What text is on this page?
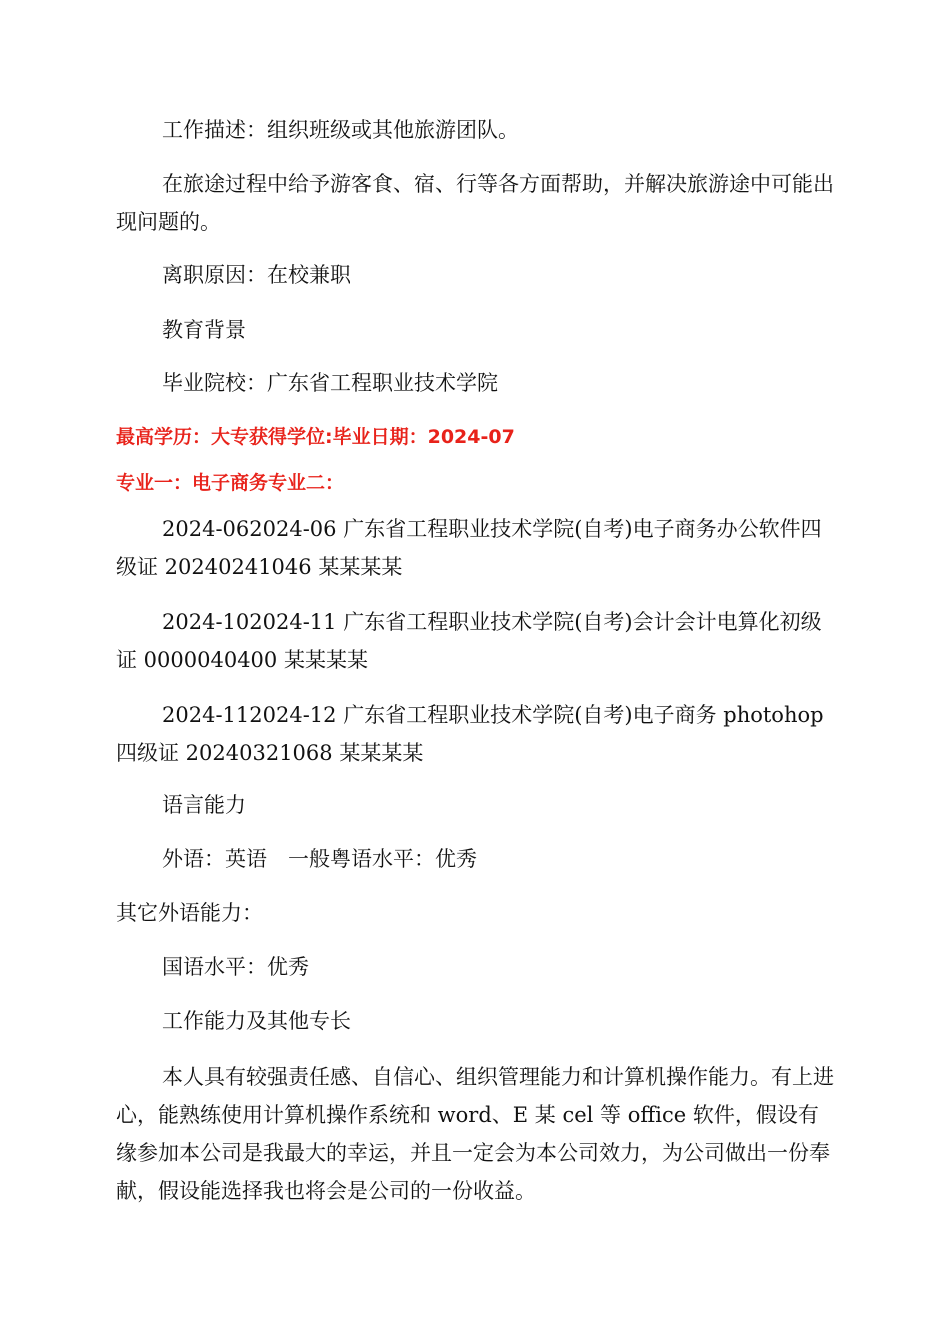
工作描述：组织班级或其他旅游团队。
在旅途过程中给予游客食、宿、行等各方面帮助，并解决旅游途中可能出现问题的。
离职原因：在校兼职
教育背景
毕业院校：广东省工程职业技术学院
最高学历：大专获得学位:毕业日期：2024-07
专业一：电子商务专业二：
2024-062024-06 广东省工程职业技术学院(自考)电子商务办公软件四级证 20240241046 某某某某
2024-102024-11 广东省工程职业技术学院(自考)会计会计电算化初级证 0000040400 某某某某
2024-112024-12 广东省工程职业技术学院(自考)电子商务 photohop 四级证 20240321068 某某某某
语言能力
外语：英语　一般粤语水平：优秀
其它外语能力：
国语水平：优秀
工作能力及其他专长
本人具有较强责任感、自信心、组织管理能力和计算机操作能力。有上进心，能熟练使用计算机操作系统和 word、E 某 cel 等 office 软件，假设有缘参加本公司是我最大的幸运，并且一定会为本公司效力，为公司做出一份奉献，假设能选择我也将会是公司的一份收益。
